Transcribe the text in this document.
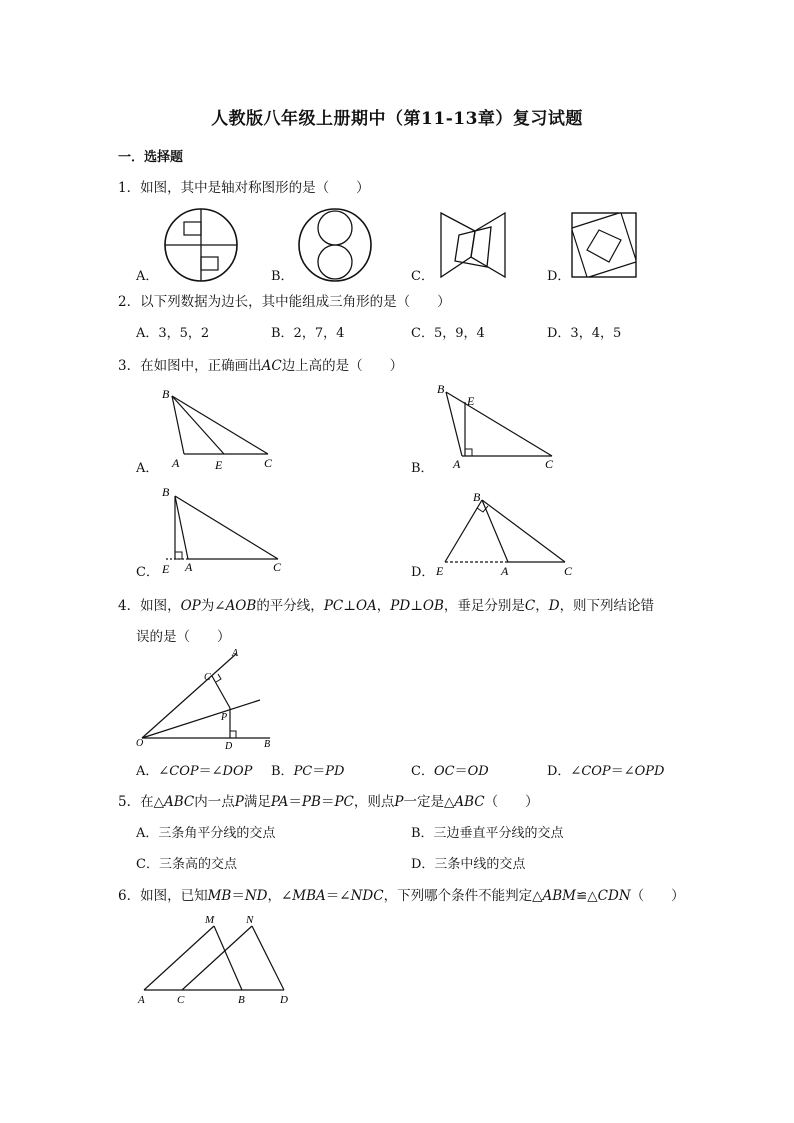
人教版八年级上册期中（第11-13章）复习试题
一．选择题
1．如图，其中是轴对称图形的是（　　）
A．	B．	C．	D．
2．以下列数据为边长，其中能组成三角形的是（　　）
A．3，5，2	B．2，7，4	C．5，9，4	D．3，4，5
3．在如图中，正确画出AC边上高的是（　　）
A．
B
A	E	C	B．
B
E
A	C
C．
B
E A	C	D．
B
E	A	C
4．如图，OP为∠AOB的平分线，PC⊥OA，PD⊥OB，垂足分别是C，D，则下列结论错
误的是（　　）
A
C
P
O	D	B
A．∠COP＝∠DOP B．PC＝PD	C．OC＝OD	D．∠COP＝∠OPD
5．在△ABC内一点P满足PA＝PB＝PC，则点P一定是△ABC（　　）
A．三条角平分线的交点	B．三边垂直平分线的交点
C．三条高的交点	D．三条中线的交点
6．如图，已知MB＝ND，∠MBA＝∠NDC，下列哪个条件不能判定△ABM≌△CDN（　　）
M	N
A	C	B	D
